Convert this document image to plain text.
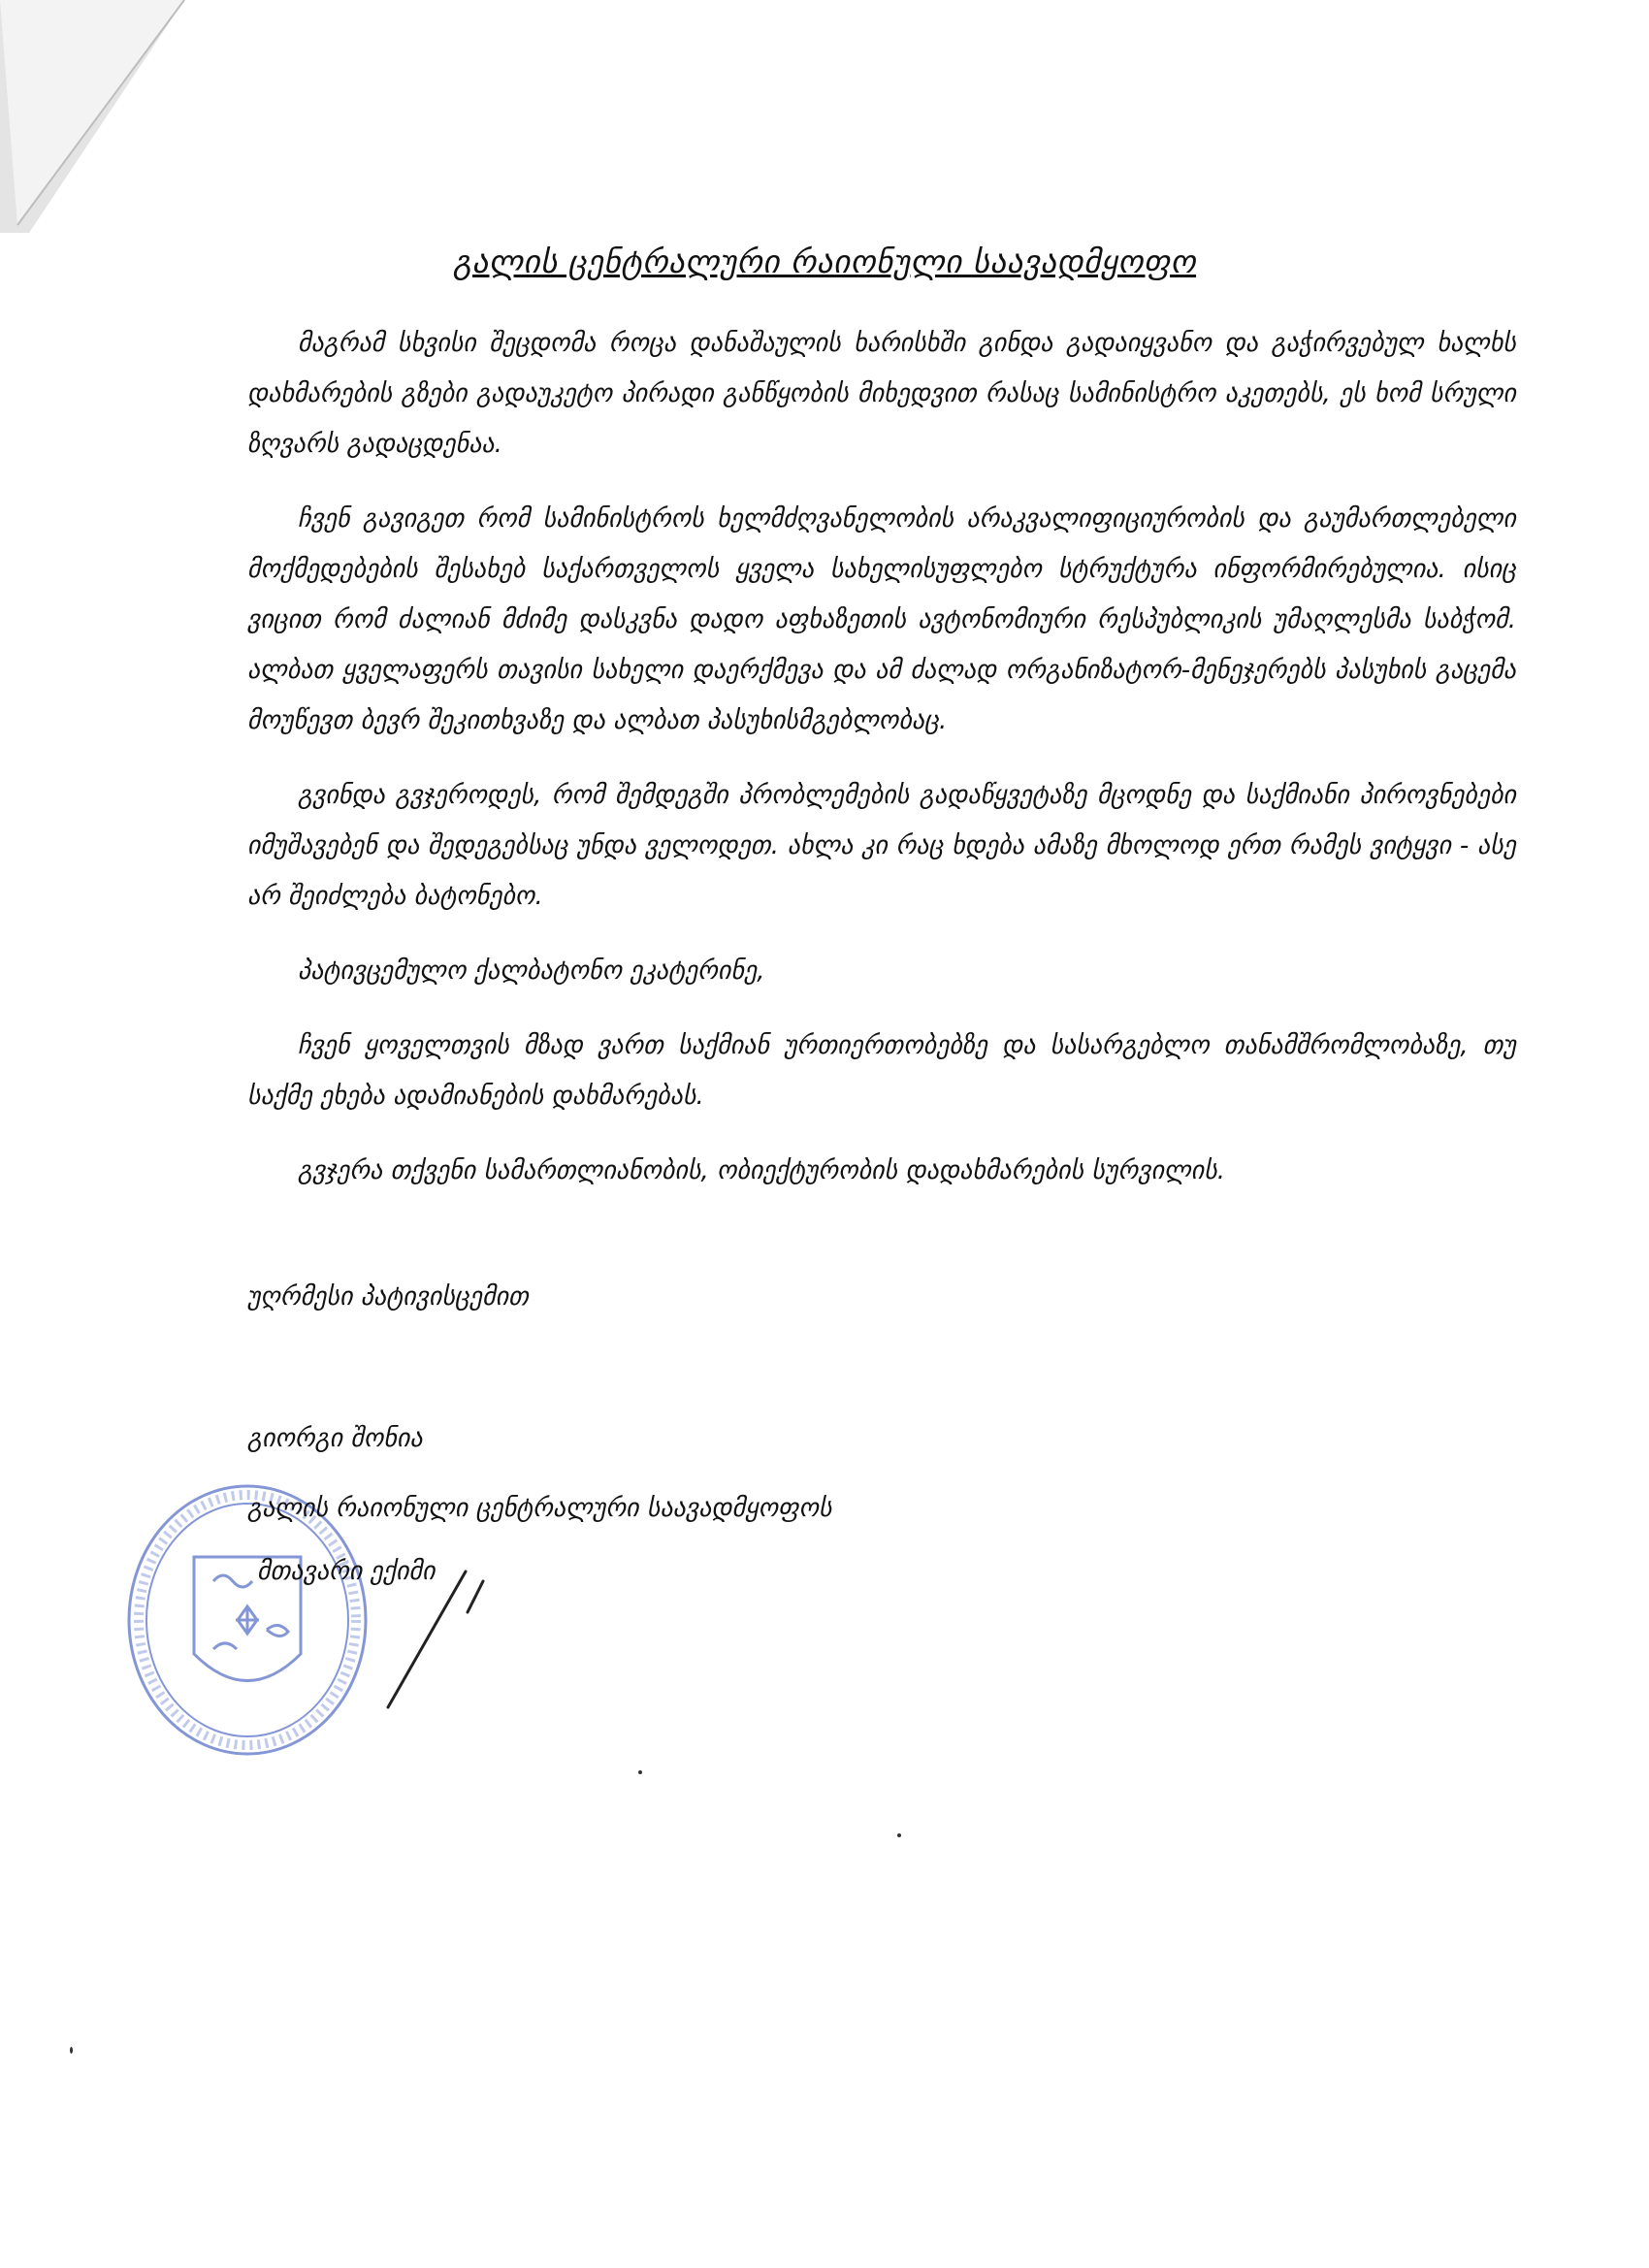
გალის ცენტრალური რაიონული საავადმყოფო

მაგრამ სხვისი შეცდომა როცა დანაშაულის ხარისხში გინდა გადაიყვანო და გაჭირვებულ ხალხს დახმარების გზები გადაუკეტო პირადი განწყობის მიხედვით რასაც სამინისტრო აკეთებს, ეს ხომ სრული ზღვარს გადაცდენაა.

ჩვენ გავიგეთ რომ სამინისტროს ხელმძღვანელობის არაკვალიფიციურობის და გაუმართლებელი მოქმედებების შესახებ საქართველოს ყველა სახელისუფლებო სტრუქტურა ინფორმირებულია. ისიც ვიცით რომ ძალიან მძიმე დასკვნა დადო აფხაზეთის ავტონომიური რესპუბლიკის უმაღლესმა საბჭომ. ალბათ ყველაფერს თავისი სახელი დაერქმევა და ამ ძალად ორგანიზატორ-მენეჯერებს პასუხის გაცემა მოუწევთ ბევრ შეკითხვაზე და ალბათ პასუხისმგებლობაც.

გვინდა გვჯეროდეს, რომ შემდეგში პრობლემების გადაწყვეტაზე მცოდნე და საქმიანი პიროვნებები იმუშავებენ და შედეგებსაც უნდა ველოდეთ. ახლა კი რაც ხდება ამაზე მხოლოდ ერთ რამეს ვიტყვი - ასე არ შეიძლება ბატონებო.

პატივცემულო ქალბატონო ეკატერინე,

ჩვენ ყოველთვის მზად ვართ საქმიან ურთიერთობებზე და სასარგებლო თანამშრომლობაზე, თუ საქმე ეხება ადამიანების დახმარებას.

გვჯერა თქვენი სამართლიანობის, ობიექტურობის დადახმარების სურვილის.

უღრმესი პატივისცემით
გიორგი შონია
გალის რაიონული ცენტრალური საავადმყოფოს
მთავარი ექიმი
